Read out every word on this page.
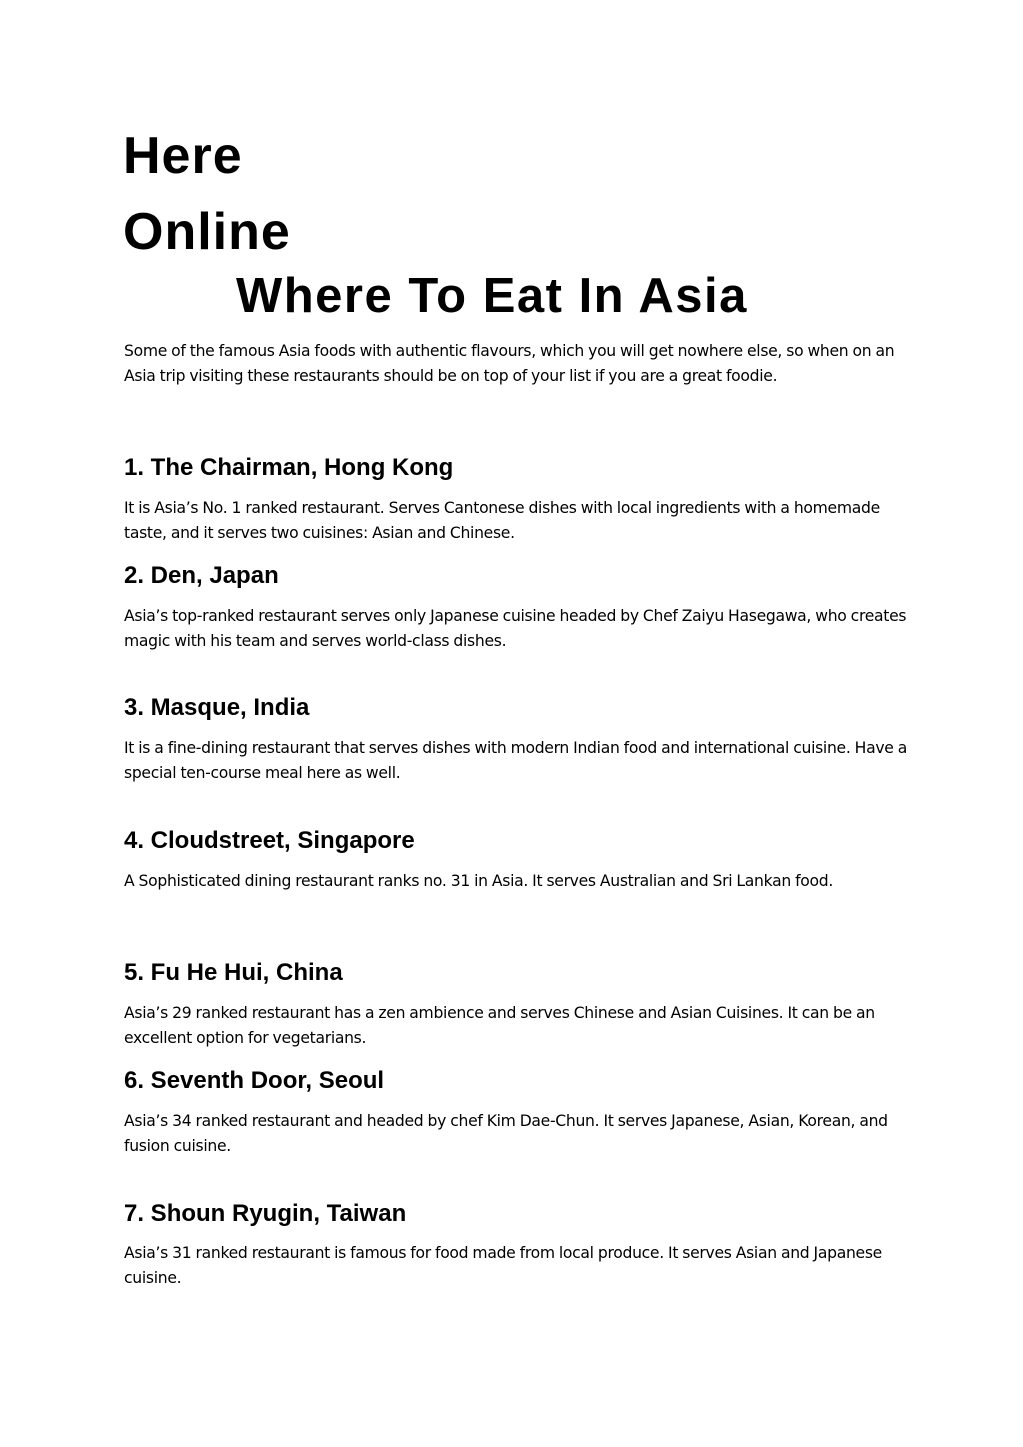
Here
Online
Where To Eat In Asia

Some of the famous Asia foods with authentic flavours, which you will get nowhere else, so when on an Asia trip visiting these restaurants should be on top of your list if you are a great foodie.

1. The Chairman, Hong Kong

It is Asia’s No. 1 ranked restaurant. Serves Cantonese dishes with local ingredients with a homemade taste, and it serves two cuisines: Asian and Chinese.

2. Den, Japan

Asia’s top-ranked restaurant serves only Japanese cuisine headed by Chef Zaiyu Hasegawa, who creates magic with his team and serves world-class dishes.

3. Masque, India

It is a fine-dining restaurant that serves dishes with modern Indian food and international cuisine. Have a special ten-course meal here as well.

4. Cloudstreet, Singapore

A Sophisticated dining restaurant ranks no. 31 in Asia. It serves Australian and Sri Lankan food.

5. Fu He Hui, China

Asia’s 29 ranked restaurant has a zen ambience and serves Chinese and Asian Cuisines. It can be an excellent option for vegetarians.

6. Seventh Door, Seoul

Asia’s 34 ranked restaurant and headed by chef Kim Dae-Chun. It serves Japanese, Asian, Korean, and fusion cuisine.

7. Shoun Ryugin, Taiwan

Asia’s 31 ranked restaurant is famous for food made from local produce. It serves Asian and Japanese cuisine.
